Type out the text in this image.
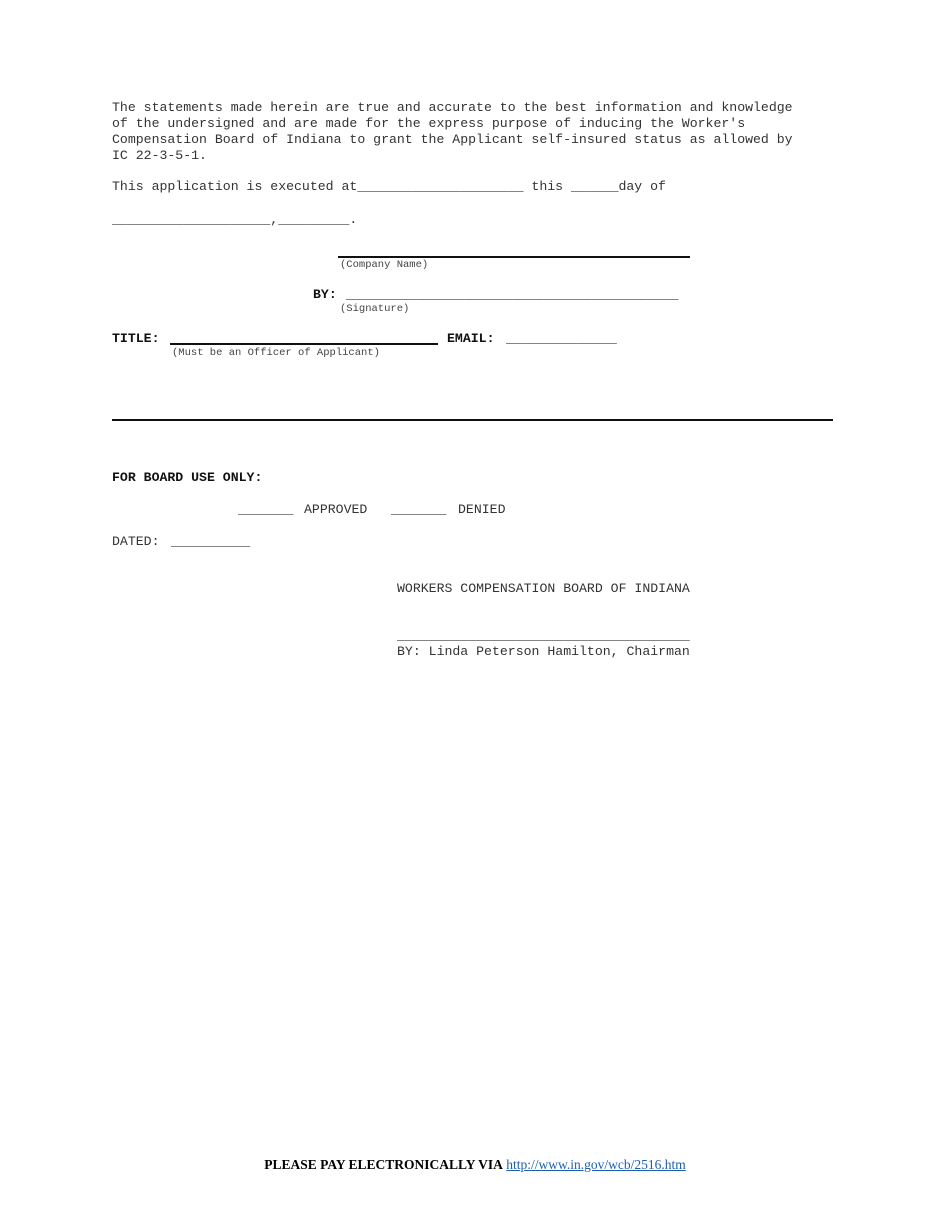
The statements made herein are true and accurate to the best information and knowledge
of the undersigned and are made for the express purpose of inducing the Worker's
Compensation Board of Indiana to grant the Applicant self-insured status as allowed by
IC 22-3-5-1.
This application is executed at_____________________ this ______day of
____________________,_________.
(Company Name)
BY: __________________________________________
(Signature)
TITLE:
(Must be an Officer of Applicant)
EMAIL: ______________
FOR BOARD USE ONLY:
_______ APPROVED _______ DENIED
DATED: __________
WORKERS COMPENSATION BOARD OF INDIANA
_____________________________________
BY: Linda Peterson Hamilton, Chairman
PLEASE PAY ELECTRONICALLY VIA http://www.in.gov/wcb/2516.htm
